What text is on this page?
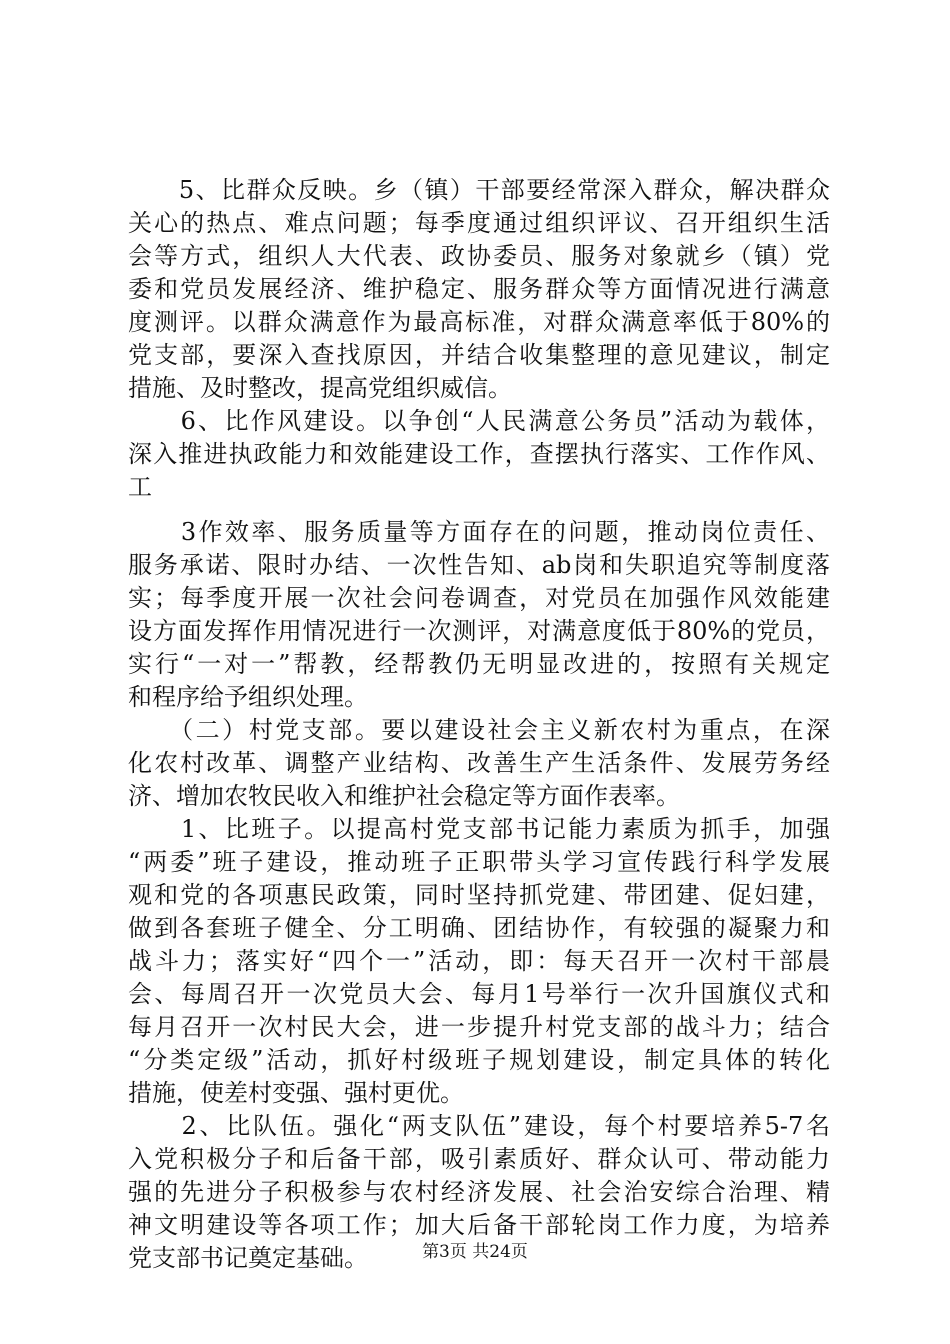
　　5、比群众反映。乡（镇）干部要经常深入群众，解决群众
关心的热点、难点问题；每季度通过组织评议、召开组织生活
会等方式，组织人大代表、政协委员、服务对象就乡（镇）党
委和党员发展经济、维护稳定、服务群众等方面情况进行满意
度测评。以群众满意作为最高标准，对群众满意率低于80%的
党支部，要深入查找原因，并结合收集整理的意见建议，制定
措施、及时整改，提高党组织威信。
　　6、比作风建设。以争创“人民满意公务员”活动为载体，
深入推进执政能力和效能建设工作，查摆执行落实、工作作风、
工
　　3作效率、服务质量等方面存在的问题，推动岗位责任、
服务承诺、限时办结、一次性告知、ab岗和失职追究等制度落
实；每季度开展一次社会问卷调查，对党员在加强作风效能建
设方面发挥作用情况进行一次测评，对满意度低于80%的党员，
实行“一对一”帮教，经帮教仍无明显改进的，按照有关规定
和程序给予组织处理。
　　（二）村党支部。要以建设社会主义新农村为重点，在深
化农村改革、调整产业结构、改善生产生活条件、发展劳务经
济、增加农牧民收入和维护社会稳定等方面作表率。
　　1、比班子。以提高村党支部书记能力素质为抓手，加强
“两委”班子建设，推动班子正职带头学习宣传践行科学发展
观和党的各项惠民政策，同时坚持抓党建、带团建、促妇建，
做到各套班子健全、分工明确、团结协作，有较强的凝聚力和
战斗力；落实好“四个一”活动，即：每天召开一次村干部晨
会、每周召开一次党员大会、每月1号举行一次升国旗仪式和
每月召开一次村民大会，进一步提升村党支部的战斗力；结合
“分类定级”活动，抓好村级班子规划建设，制定具体的转化
措施，使差村变强、强村更优。
　　2、比队伍。强化“两支队伍”建设，每个村要培养5-7名
入党积极分子和后备干部，吸引素质好、群众认可、带动能力
强的先进分子积极参与农村经济发展、社会治安综合治理、精
神文明建设等各项工作；加大后备干部轮岗工作力度，为培养
党支部书记奠定基础。	第3页 共24页
